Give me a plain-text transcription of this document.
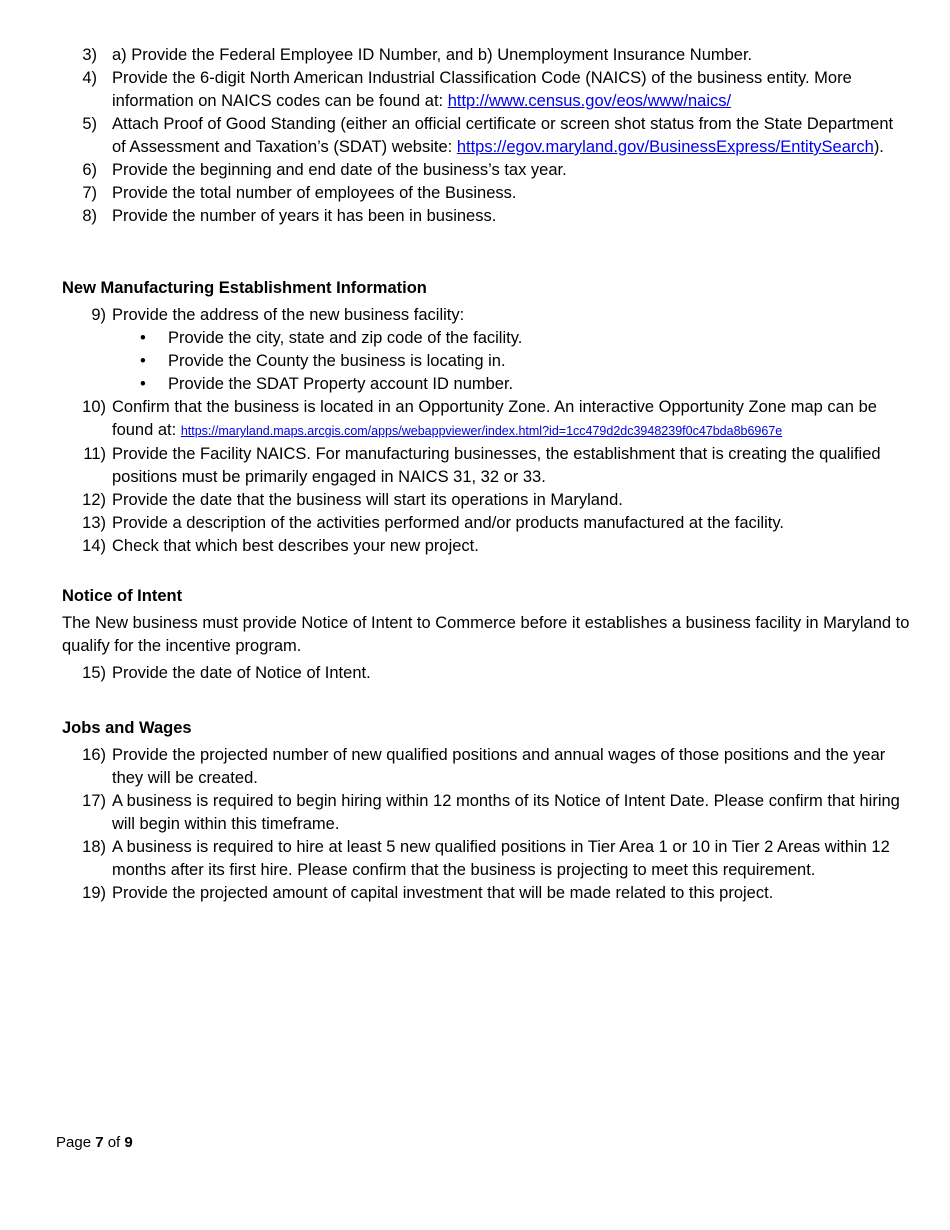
3) a) Provide the Federal Employee ID Number, and b) Unemployment Insurance Number.
4) Provide the 6-digit North American Industrial Classification Code (NAICS) of the business entity. More information on NAICS codes can be found at: http://www.census.gov/eos/www/naics/
5) Attach Proof of Good Standing (either an official certificate or screen shot status from the State Department of Assessment and Taxation’s (SDAT) website: https://egov.maryland.gov/BusinessExpress/EntitySearch).
6) Provide the beginning and end date of the business’s tax year.
7) Provide the total number of employees of the Business.
8) Provide the number of years it has been in business.
New Manufacturing Establishment Information
9) Provide the address of the new business facility:
• Provide the city, state and zip code of the facility.
• Provide the County the business is locating in.
• Provide the SDAT Property account ID number.
10) Confirm that the business is located in an Opportunity Zone. An interactive Opportunity Zone map can be found at: https://maryland.maps.arcgis.com/apps/webappviewer/index.html?id=1cc479d2dc3948239f0c47bda8b6967e
11) Provide the Facility NAICS. For manufacturing businesses, the establishment that is creating the qualified positions must be primarily engaged in NAICS 31, 32 or 33.
12) Provide the date that the business will start its operations in Maryland.
13) Provide a description of the activities performed and/or products manufactured at the facility.
14) Check that which best describes your new project.
Notice of Intent
The New business must provide Notice of Intent to Commerce before it establishes a business facility in Maryland to qualify for the incentive program.
15) Provide the date of Notice of Intent.
Jobs and Wages
16) Provide the projected number of new qualified positions and annual wages of those positions and the year they will be created.
17) A business is required to begin hiring within 12 months of its Notice of Intent Date. Please confirm that hiring will begin within this timeframe.
18) A business is required to hire at least 5 new qualified positions in Tier Area 1 or 10 in Tier 2 Areas within 12 months after its first hire. Please confirm that the business is projecting to meet this requirement.
19) Provide the projected amount of capital investment that will be made related to this project.
Page 7 of 9
